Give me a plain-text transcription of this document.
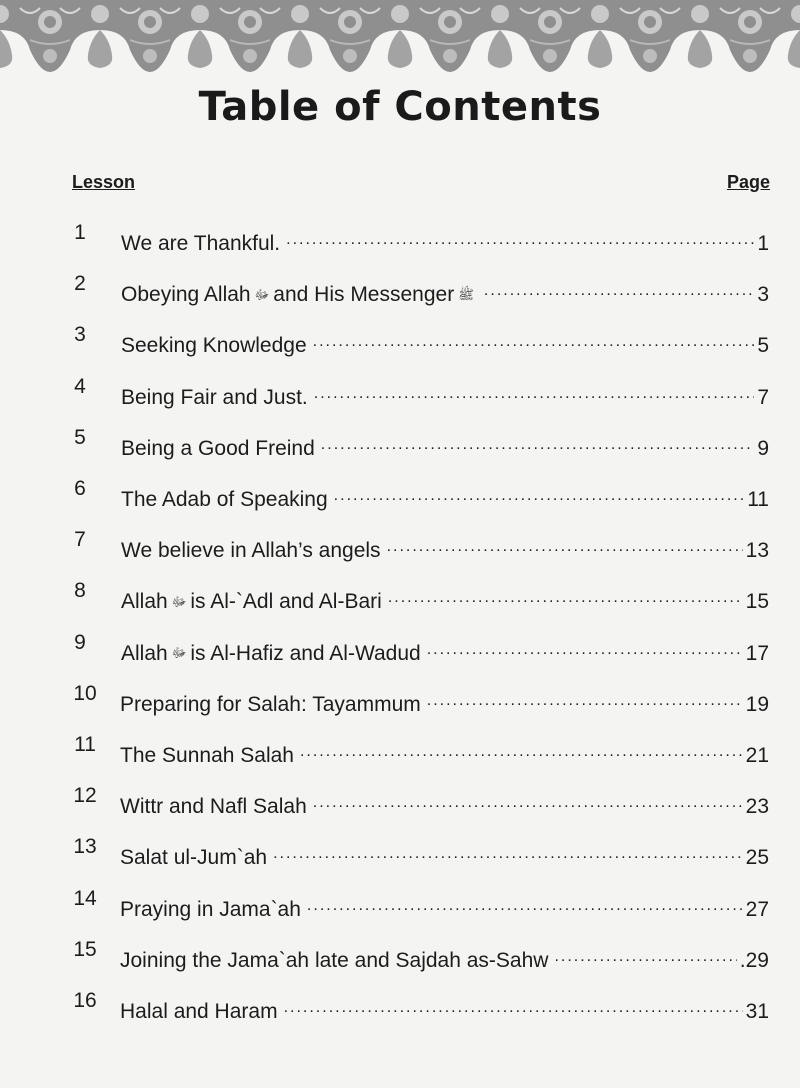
Table of Contents
Lesson	Page
1	We are Thankful. .....	1
2	Obeying Allah ﷻ and His Messenger ﷺ .....	3
3	Seeking Knowledge .....	5
4	Being Fair and Just. .....	7
5	Being a Good Freind .....	9
6	The Adab of Speaking .....	11
7	We believe in Allah’s angels .....	13
8	Allah ﷻ is Al-`Adl and Al-Bari .....	15
9	Allah ﷻ is Al-Hafiz and Al-Wadud .....	17
10	Preparing for Salah: Tayammum .....	19
11	The Sunnah Salah .....	21
12	Wittr and Nafl Salah .....	23
13	Salat ul-Jum`ah .....	25
14	Praying in Jama`ah .....	27
15	Joining the Jama`ah late and Sajdah as-Sahw .....	.29
16	Halal and Haram .....	31
